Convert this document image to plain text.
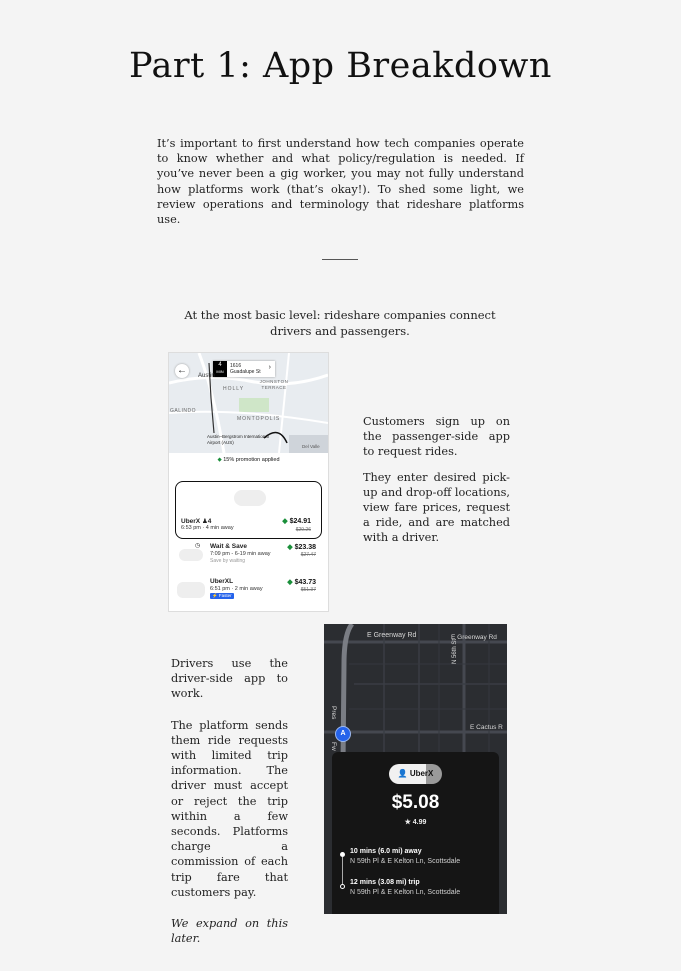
Part 1: App Breakdown
It’s important to first understand how tech companies operate to know whether and what policy/regulation is needed. If you’ve never been a gig worker, you may not fully understand how platforms work (that’s okay!). To shed some light, we review operations and terminology that rideshare platforms use.
At the most basic level: rideshare companies connect drivers and passengers.
←	4
MIN
1616
Guadalupe St
›
Austin
HOLLY
JOHNSTON TERRACE
MONTOPOLIS
GALINDO
Austin–Bergstrom International Airport (AUS)
Del Valle
◆ 15% promotion applied
UberX ♟4
6:53 pm · 4 min away
◆ $24.91
$29.26
◷ Wait & Save
7:09 pm - 6-19 min away
Save by waiting
◆ $23.38
$27.47
UberXL
6:51 pm · 2 min away
⚡ Faster
◆ $43.73
$51.37

Customers sign up on the passenger-side app to request rides.

They enter desired pick-up and drop-off locations, view fare prices, request a ride, and are matched with a driver.

Drivers use the driver-side app to work.

The platform sends them ride requests with limited trip information. The driver must accept or reject the trip within a few seconds. Platforms charge a commission of each trip fare that customers pay.

We expand on this later.

E Greenway Rd	E Greenway Rd
N 56th St
E Cactus R
Pres
Fw
A
👤 UberX
$5.08
★ 4.99
10 mins (6.0 mi) away
N 59th Pl & E Kelton Ln, Scottsdale
12 mins (3.08 mi) trip
N 59th Pl & E Kelton Ln, Scottsdale
